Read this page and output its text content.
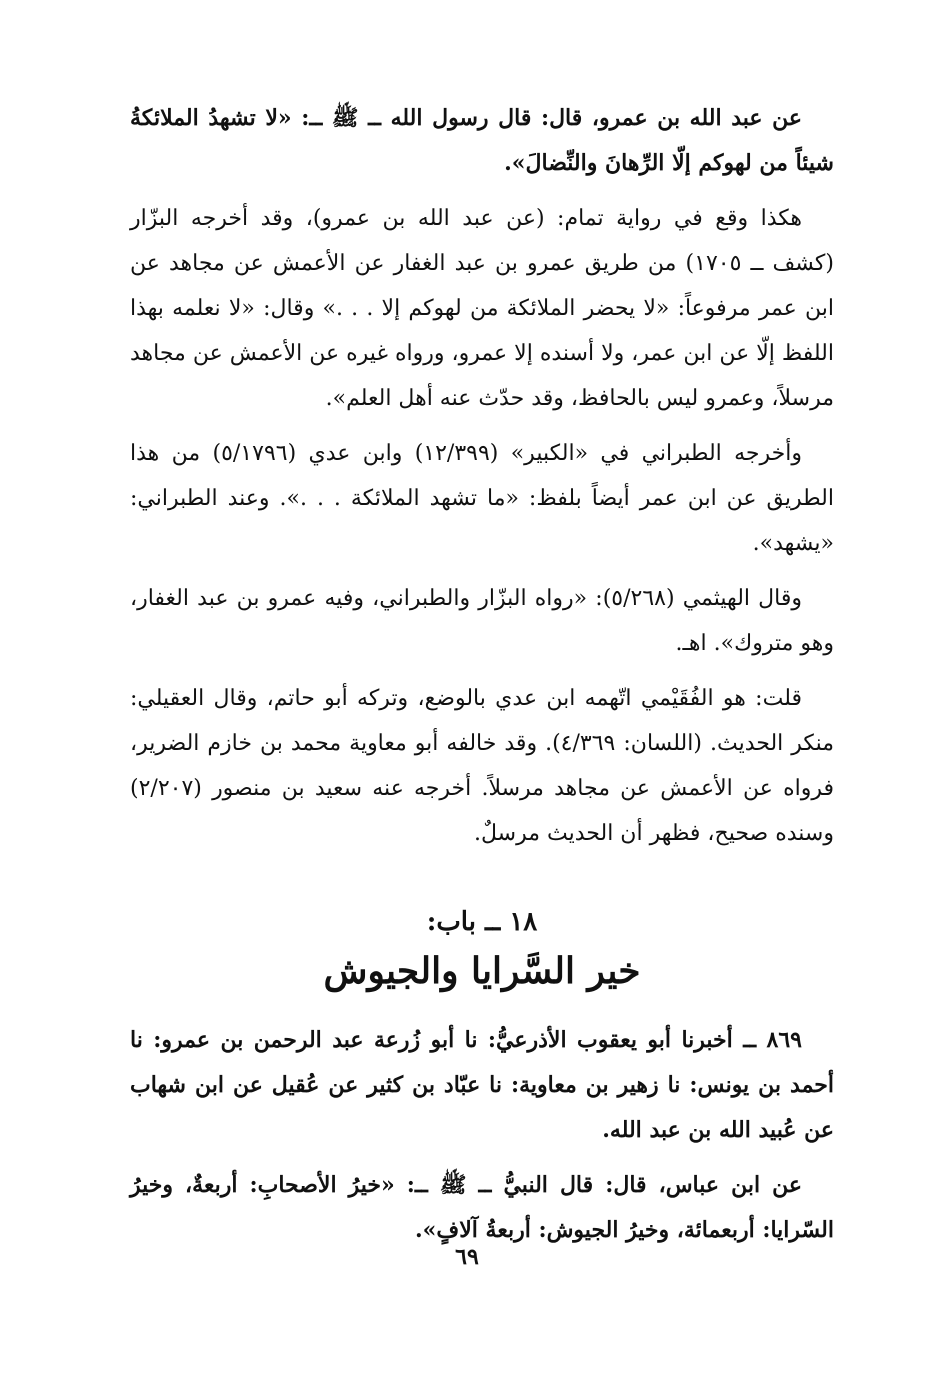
عن عبد الله بن عمرو، قال: قال رسول الله ــ ﷺ ــ: «لا تشهدُ الملائكةُ شيئاً من لهوكم إلّا الرِّهانَ والنِّضالَ».

هكذا وقع في رواية تمام: (عن عبد الله بن عمرو)، وقد أخرجه البزّار (كشف ــ ١٧٠٥) من طريق عمرو بن عبد الغفار عن الأعمش عن مجاهد عن ابن عمر مرفوعاً: «لا يحضر الملائكة من لهوكم إلا . . .» وقال: «لا نعلمه بهذا اللفظ إلّا عن ابن عمر، ولا أسنده إلا عمرو، ورواه غيره عن الأعمش عن مجاهد مرسلاً، وعمرو ليس بالحافظ، وقد حدّث عنه أهل العلم».

وأخرجه الطبراني في «الكبير» (١٢/٣٩٩) وابن عدي (٥/١٧٩٦) من هذا الطريق عن ابن عمر أيضاً بلفظ: «ما تشهد الملائكة . . .». وعند الطبراني: «يشهد».

وقال الهيثمي (٥/٢٦٨): «رواه البزّار والطبراني، وفيه عمرو بن عبد الغفار، وهو متروك». اهـ.

قلت: هو الفُقَيْمي اتّهمه ابن عدي بالوضع، وتركه أبو حاتم، وقال العقيلي: منكر الحديث. (اللسان: ٤/٣٦٩). وقد خالفه أبو معاوية محمد بن خازم الضرير، فرواه عن الأعمش عن مجاهد مرسلاً. أخرجه عنه سعيد بن منصور (٢/٢٠٧) وسنده صحيح، فظهر أن الحديث مرسلٌ.

١٨ ــ باب:

خير السَّرايا والجيوش

٨٦٩ ــ أخبرنا أبو يعقوب الأذرعيُّ: نا أبو زُرعة عبد الرحمن بن عمرو: نا أحمد بن يونس: نا زهير بن معاوية: نا عبّاد بن كثير عن عُقيل عن ابن شهاب عن عُبيد الله بن عبد الله.

عن ابن عباس، قال: قال النبيُّ ــ ﷺ ــ: «خيرُ الأصحابِ: أربعةٌ، وخيرُ السّرايا: أربعمائة، وخيرُ الجيوش: أربعةُ آلافٍ».

٦٩
